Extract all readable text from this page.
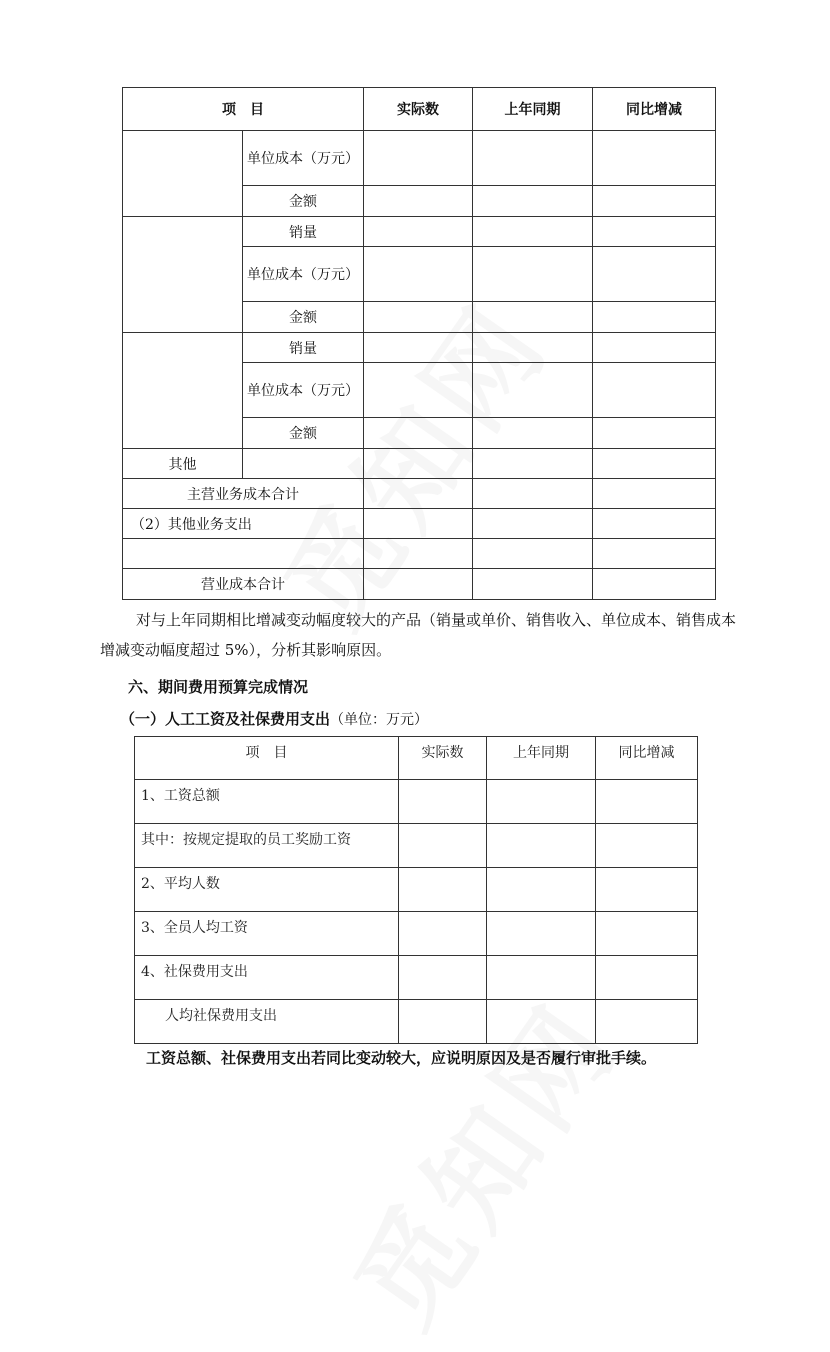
项　目		实际数	上年同期	同比增减
	单位成本（万元）			
	金额			
	销量			
	单位成本（万元）			
	金额			
	销量			
	单位成本（万元）			
	金额			
其他				
主营业务成本合计				
（2）其他业务支出				

营业成本合计				
对与上年同期相比增减变动幅度较大的产品（销量或单价、销售收入、单位成本、销售成本增减变动幅度超过 5%），分析其影响原因。
六、期间费用预算完成情况
（一）人工工资及社保费用支出（单位：万元）
项　目	实际数	上年同期	同比增减
1、工资总额			
其中：按规定提取的员工奖励工资			
2、平均人数			
3、全员人均工资			
4、社保费用支出			
人均社保费用支出			
工资总额、社保费用支出若同比变动较大，应说明原因及是否履行审批手续。
